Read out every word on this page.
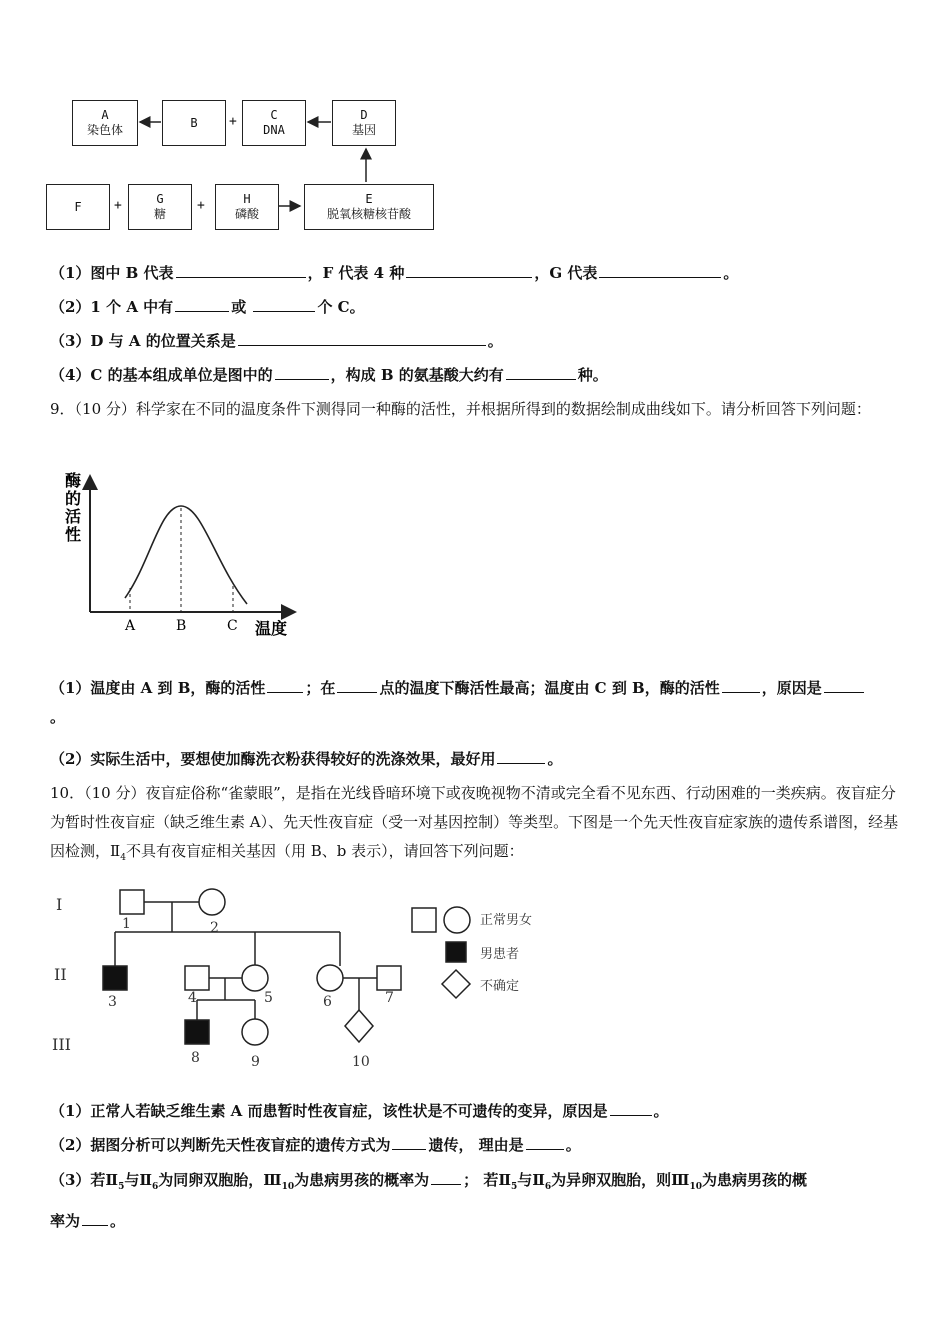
A
染色体
B +	C
DNA
D
基因
F +	G
糖
+	H
磷酸
E
脱氧核糖核苷酸
（1）图中 B 代表	，F 代表 4 种	，G 代表	。
（2）1 个 A 中有	或	个 C。
（3）D 与 A 的位置关系是	。
（4）C 的基本组成单位是图中的	，构成 B 的氨基酸大约有	种。
9．（10 分）科学家在不同的温度条件下测得同一种酶的活性，并根据所得到的数据绘制成曲线如下。请分析回答下列问题：
酶
的
活
性
A	B	C 温度
（1）温度由 A 到 B，酶的活性	；在	点的温度下酶活性最高；温度由 C 到 B，酶的活性	，原因是
。
（2）实际生活中，要想使加酶洗衣粉获得较好的洗涤效果，最好用	。
10．（10 分）夜盲症俗称“雀蒙眼”，是指在光线昏暗环境下或夜晚视物不清或完全看不见东西、行动困难的一类疾病。夜盲症分为暂时性夜盲症（缺乏维生素 A）、先天性夜盲症（受一对基因控制）等类型。下图是一个先天性夜盲症家族的遗传系谱图，经基因检测，$Ⅱ_4$不具有夜盲症相关基因（用 B、b 表示），请回答下列问题：
I
II
III
1	2
3	4	5	6	7
8	9	10
正常男女
男患者
不确定
（1）正常人若缺乏维生素 A 而患暂时性夜盲症，该性状是不可遗传的变异，原因是	。
（2）据图分析可以判断先天性夜盲症的遗传方式为	遗传， 理由是	。
（3）若$Ⅱ_5$与$Ⅱ_6$为同卵双胞胎，$Ⅲ_{10}$为患病男孩的概率为 ； 若$Ⅱ_5$与$Ⅱ_6$为异卵双胞胎，则$Ⅲ_{10}$为患病男孩的概
率为 。
